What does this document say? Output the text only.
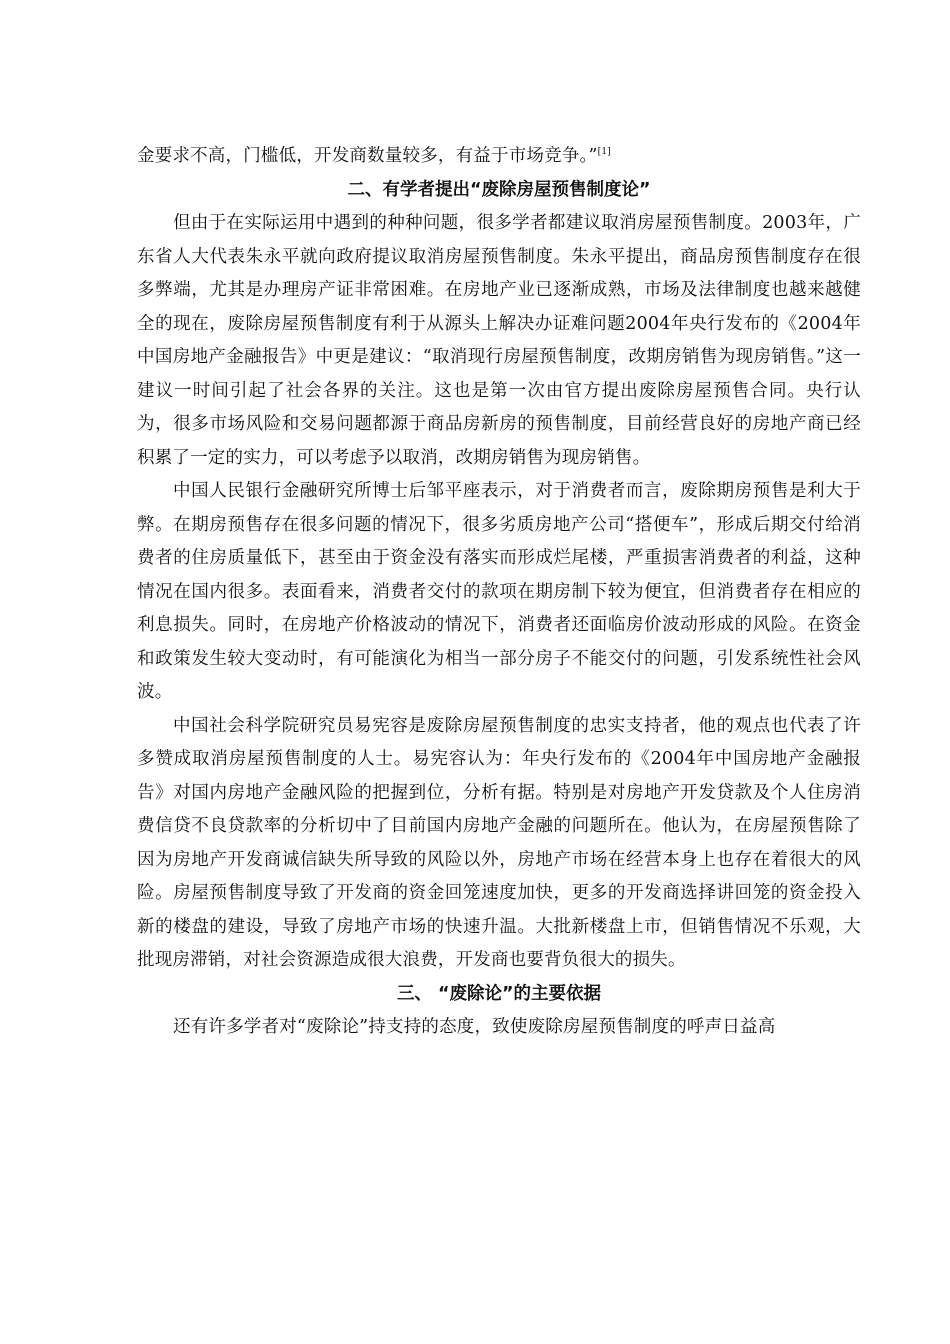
金要求不高，门槛低，开发商数量较多，有益于市场竞争。”[1]

二、有学者提出“废除房屋预售制度论”

但由于在实际运用中遇到的种种问题，很多学者都建议取消房屋预售制度。2003年，广东省人大代表朱永平就向政府提议取消房屋预售制度。朱永平提出，商品房预售制度存在很多弊端，尤其是办理房产证非常困难。在房地产业已逐渐成熟，市场及法律制度也越来越健全的现在，废除房屋预售制度有利于从源头上解决办证难问题2004年央行发布的《2004年中国房地产金融报告》中更是建议：“取消现行房屋预售制度，改期房销售为现房销售。”这一建议一时间引起了社会各界的关注。这也是第一次由官方提出废除房屋预售合同。央行认为，很多市场风险和交易问题都源于商品房新房的预售制度，目前经营良好的房地产商已经积累了一定的实力，可以考虑予以取消，改期房销售为现房销售。

中国人民银行金融研究所博士后邹平座表示，对于消费者而言，废除期房预售是利大于弊。在期房预售存在很多问题的情况下，很多劣质房地产公司“搭便车”，形成后期交付给消费者的住房质量低下，甚至由于资金没有落实而形成烂尾楼，严重损害消费者的利益，这种情况在国内很多。表面看来，消费者交付的款项在期房制下较为便宜，但消费者存在相应的利息损失。同时，在房地产价格波动的情况下，消费者还面临房价波动形成的风险。在资金和政策发生较大变动时，有可能演化为相当一部分房子不能交付的问题，引发系统性社会风波。

中国社会科学院研究员易宪容是废除房屋预售制度的忠实支持者，他的观点也代表了许多赞成取消房屋预售制度的人士。易宪容认为：年央行发布的《2004年中国房地产金融报告》对国内房地产金融风险的把握到位，分析有据。特别是对房地产开发贷款及个人住房消费信贷不良贷款率的分析切中了目前国内房地产金融的问题所在。他认为，在房屋预售除了因为房地产开发商诚信缺失所导致的风险以外，房地产市场在经营本身上也存在着很大的风险。房屋预售制度导致了开发商的资金回笼速度加快，更多的开发商选择讲回笼的资金投入新的楼盘的建设，导致了房地产市场的快速升温。大批新楼盘上市，但销售情况不乐观，大批现房滞销，对社会资源造成很大浪费，开发商也要背负很大的损失。

三、 “废除论”的主要依据

还有许多学者对“废除论”持支持的态度，致使废除房屋预售制度的呼声日益高
